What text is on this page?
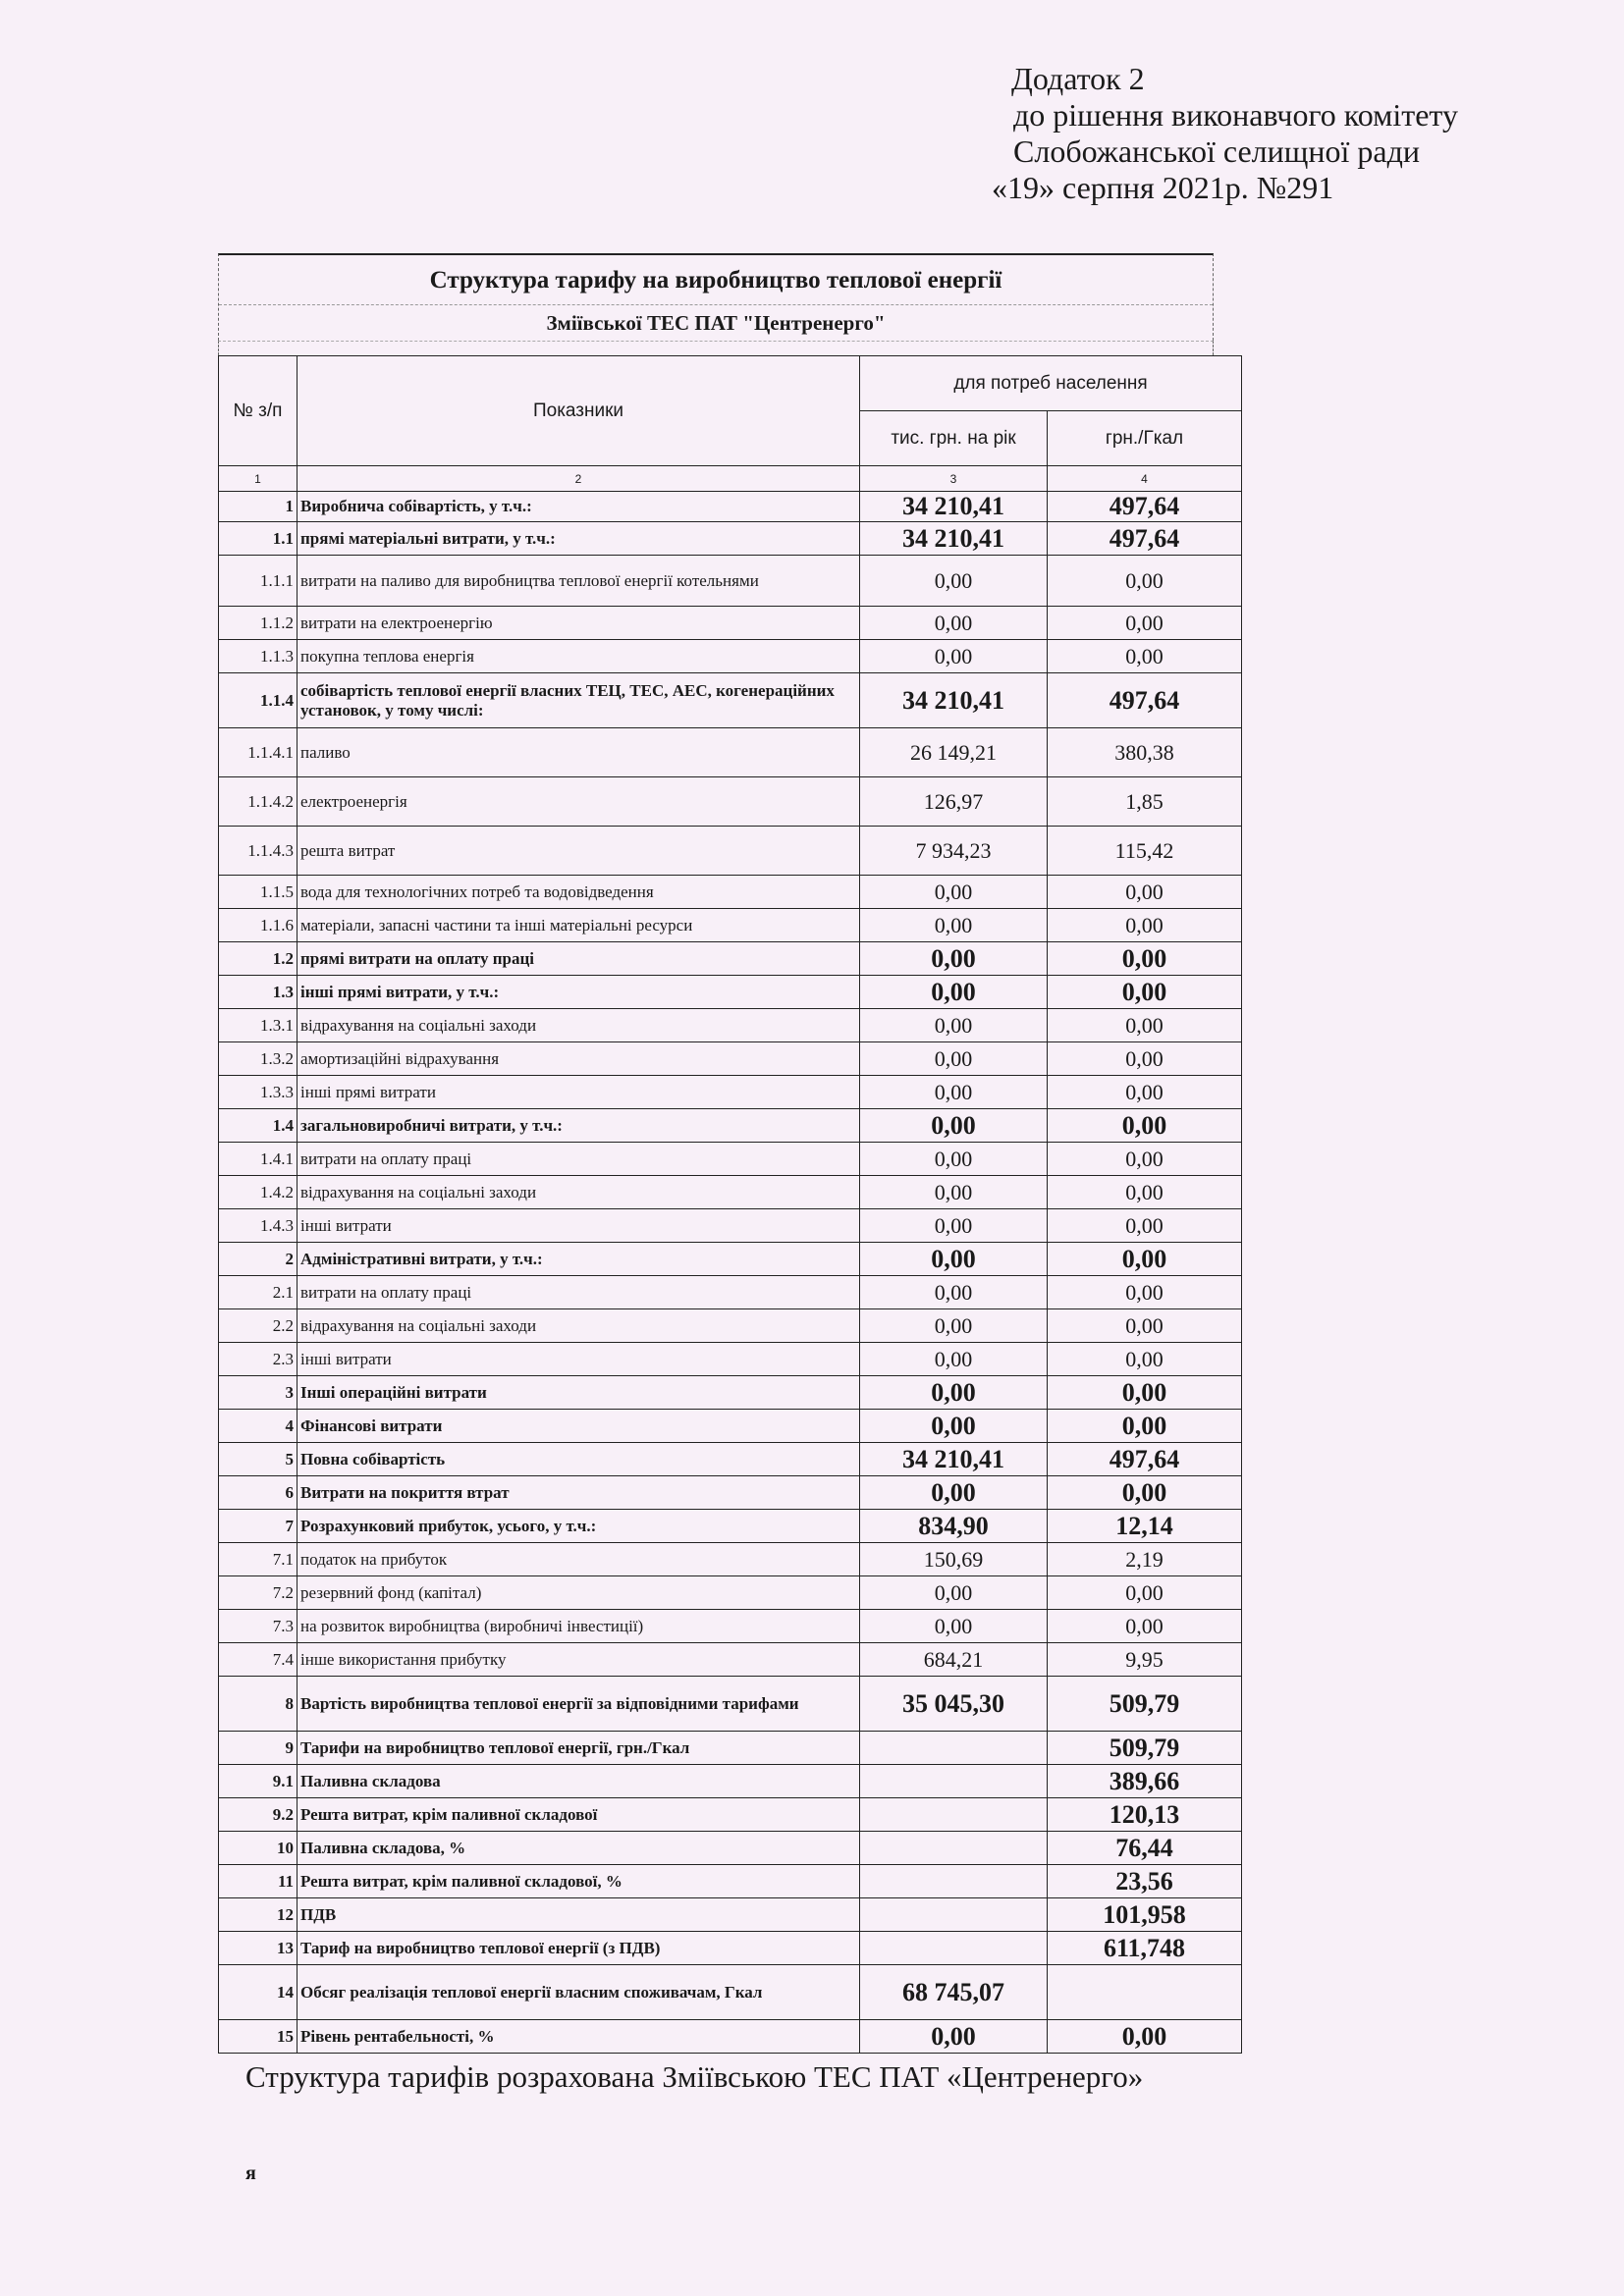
Додаток 2
до рішення виконавчого комітету
Слобожанської селищної ради
«19» серпня 2021р. №291
Структура тарифу на виробництво теплової енергії
Зміївської ТЕС ПАТ "Центренерго"
№ з/п	Показники	для потреб населення	
		тис. грн. на рік	грн./Гкал
1	2	3	4
1	Виробнича собівартість, у т.ч.:	34 210,41	497,64
1.1	прямі матеріальні витрати, у т.ч.:	34 210,41	497,64
1.1.1	витрати на паливо для виробництва теплової енергії котельнями	0,00	0,00
1.1.2	витрати на електроенергію	0,00	0,00
1.1.3	покупна теплова енергія	0,00	0,00
1.1.4	собівартість теплової енергії власних ТЕЦ, ТЕС, АЕС, когенераційних установок, у тому числі:	34 210,41	497,64
1.1.4.1	паливо	26 149,21	380,38
1.1.4.2	електроенергія	126,97	1,85
1.1.4.3	решта витрат	7 934,23	115,42
1.1.5	вода для технологічних потреб та водовідведення	0,00	0,00
1.1.6	матеріали, запасні частини та інші матеріальні ресурси	0,00	0,00
1.2	прямі витрати на оплату праці	0,00	0,00
1.3	інші прямі витрати, у т.ч.:	0,00	0,00
1.3.1	відрахування на соціальні заходи	0,00	0,00
1.3.2	амортизаційні відрахування	0,00	0,00
1.3.3	інші прямі витрати	0,00	0,00
1.4	загальновиробничі витрати, у т.ч.:	0,00	0,00
1.4.1	витрати на оплату праці	0,00	0,00
1.4.2	відрахування на соціальні заходи	0,00	0,00
1.4.3	інші витрати	0,00	0,00
2	Адміністративні витрати, у т.ч.:	0,00	0,00
2.1	витрати на оплату праці	0,00	0,00
2.2	відрахування на соціальні заходи	0,00	0,00
2.3	інші витрати	0,00	0,00
3	Інші операційні витрати	0,00	0,00
4	Фінансові витрати	0,00	0,00
5	Повна собівартість	34 210,41	497,64
6	Витрати на покриття втрат	0,00	0,00
7	Розрахунковий прибуток, усього, у т.ч.:	834,90	12,14
7.1	податок на прибуток	150,69	2,19
7.2	резервний фонд (капітал)	0,00	0,00
7.3	на розвиток виробництва (виробничі інвестиції)	0,00	0,00
7.4	інше використання прибутку	684,21	9,95
8	Вартість виробництва теплової енергії за відповідними тарифами	35 045,30	509,79
9	Тарифи на виробництво теплової енергії, грн./Гкал		509,79
9.1	Паливна складова		389,66
9.2	Решта витрат, крім паливної складової		120,13
10	Паливна складова, %		76,44
11	Решта витрат, крім паливної складової, %		23,56
12	ПДВ		101,958
13	Тариф на виробництво теплової енергії (з ПДВ)		611,748
14	Обсяг реалізація теплової енергії власним споживачам, Гкал	68 745,07	
15	Рівень рентабельності, %	0,00	0,00
Структура тарифів розрахована Зміївською ТЕС ПАТ «Центренерго»
я
